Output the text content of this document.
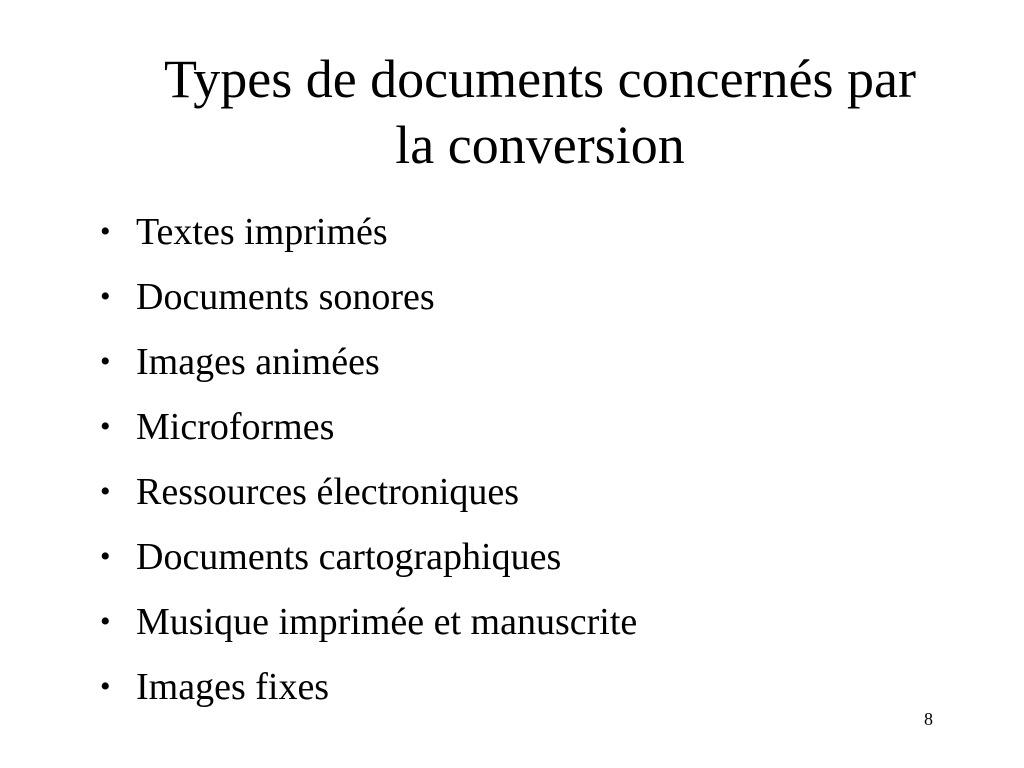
Types de documents concernés par
la conversion
• Textes imprimés
• Documents sonores
• Images animées
• Microformes
• Ressources électroniques
• Documents cartographiques
• Musique imprimée et manuscrite
• Images fixes
8
